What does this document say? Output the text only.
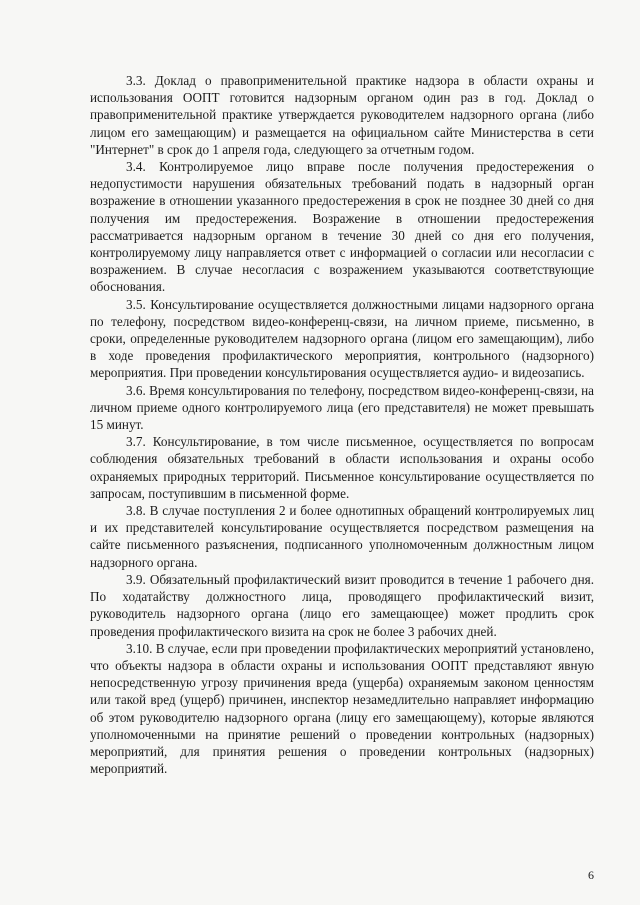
3.3. Доклад о правоприменительной практике надзора в области охраны и использования ООПТ готовится надзорным органом один раз в год. Доклад о правоприменительной практике утверждается руководителем надзорного органа (либо лицом его замещающим) и размещается на официальном сайте Министерства в сети "Интернет" в срок до 1 апреля года, следующего за отчетным годом.

3.4. Контролируемое лицо вправе после получения предостережения о недопустимости нарушения обязательных требований подать в надзорный орган возражение в отношении указанного предостережения в срок не позднее 30 дней со дня получения им предостережения. Возражение в отношении предостережения рассматривается надзорным органом в течение 30 дней со дня его получения, контролируемому лицу направляется ответ с информацией о согласии или несогласии с возражением. В случае несогласия с возражением указываются соответствующие обоснования.

3.5. Консультирование осуществляется должностными лицами надзорного органа по телефону, посредством видео-конференц-связи, на личном приеме, письменно, в сроки, определенные руководителем надзорного органа (лицом его замещающим), либо в ходе проведения профилактического мероприятия, контрольного (надзорного) мероприятия. При проведении консультирования осуществляется аудио- и видеозапись.

3.6. Время консультирования по телефону, посредством видео-конференц-связи, на личном приеме одного контролируемого лица (его представителя) не может превышать 15 минут.

3.7. Консультирование, в том числе письменное, осуществляется по вопросам соблюдения обязательных требований в области использования и охраны особо охраняемых природных территорий. Письменное консультирование осуществляется по запросам, поступившим в письменной форме.

3.8. В случае поступления 2 и более однотипных обращений контролируемых лиц и их представителей консультирование осуществляется посредством размещения на сайте письменного разъяснения, подписанного уполномоченным должностным лицом надзорного органа.

3.9. Обязательный профилактический визит проводится в течение 1 рабочего дня. По ходатайству должностного лица, проводящего профилактический визит, руководитель надзорного органа (лицо его замещающее) может продлить срок проведения профилактического визита на срок не более 3 рабочих дней.

3.10. В случае, если при проведении профилактических мероприятий установлено, что объекты надзора в области охраны и использования ООПТ представляют явную непосредственную угрозу причинения вреда (ущерба) охраняемым законом ценностям или такой вред (ущерб) причинен, инспектор незамедлительно направляет информацию об этом руководителю надзорного органа (лицу его замещающему), которые являются уполномоченными на принятие решений о проведении контрольных (надзорных) мероприятий, для принятия решения о проведении контрольных (надзорных) мероприятий.

6
